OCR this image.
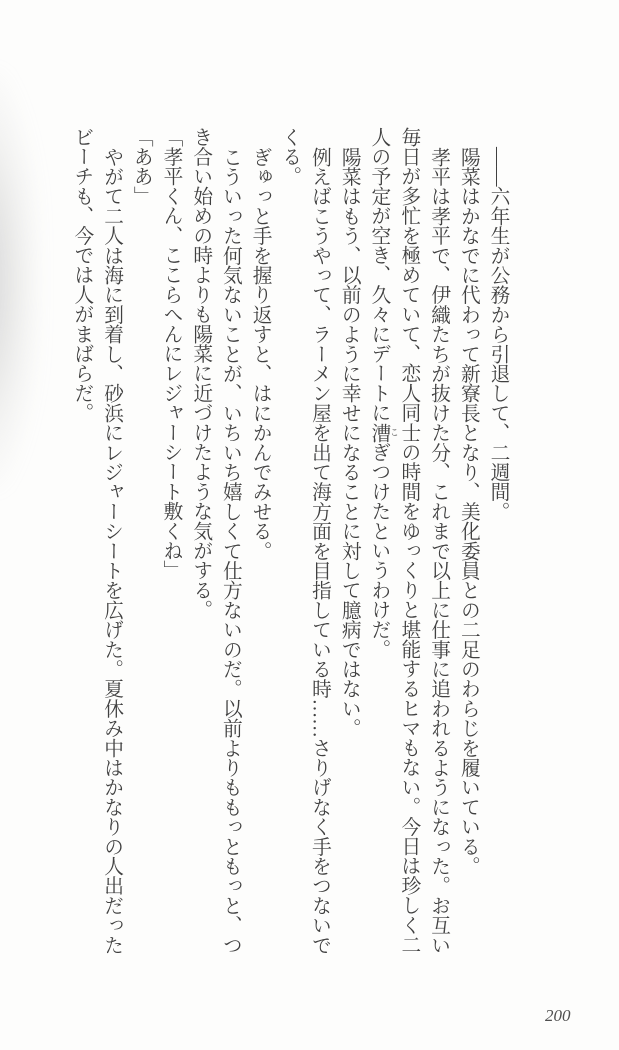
——六年生が公務から引退して、二週間。

陽菜はかなでに代わって新寮長となり、美化委員との二足のわらじを履いている。

孝平は孝平で、伊織たちが抜けた分、これまで以上に仕事に追われるようになった。お互い毎日が多忙を極めていて、恋人同士の時間をゆっくりと堪能するヒマもない。今日は珍しく二人の予定が空き、久々にデートに漕 こぎつけたというわけだ。

陽菜はもう、以前のように幸せになることに対して臆病ではない。

例えばこうやって、ラーメン屋を出て海方面を目指している時……さりげなく手をつないでくる。

ぎゅっと手を握り返すと、はにかんでみせる。

こういった何気ないことが、いちいち嬉しくて仕方ないのだ。以前よりももっともっと、つき合い始めの時よりも陽菜に近づけたような気がする。

「孝平くん、ここらへんにレジャーシート敷くね」

「ああ」

やがて二人は海に到着し、砂浜にレジャーシートを広げた。夏休み中はかなりの人出だったビーチも、今では人がまばらだ。

200
